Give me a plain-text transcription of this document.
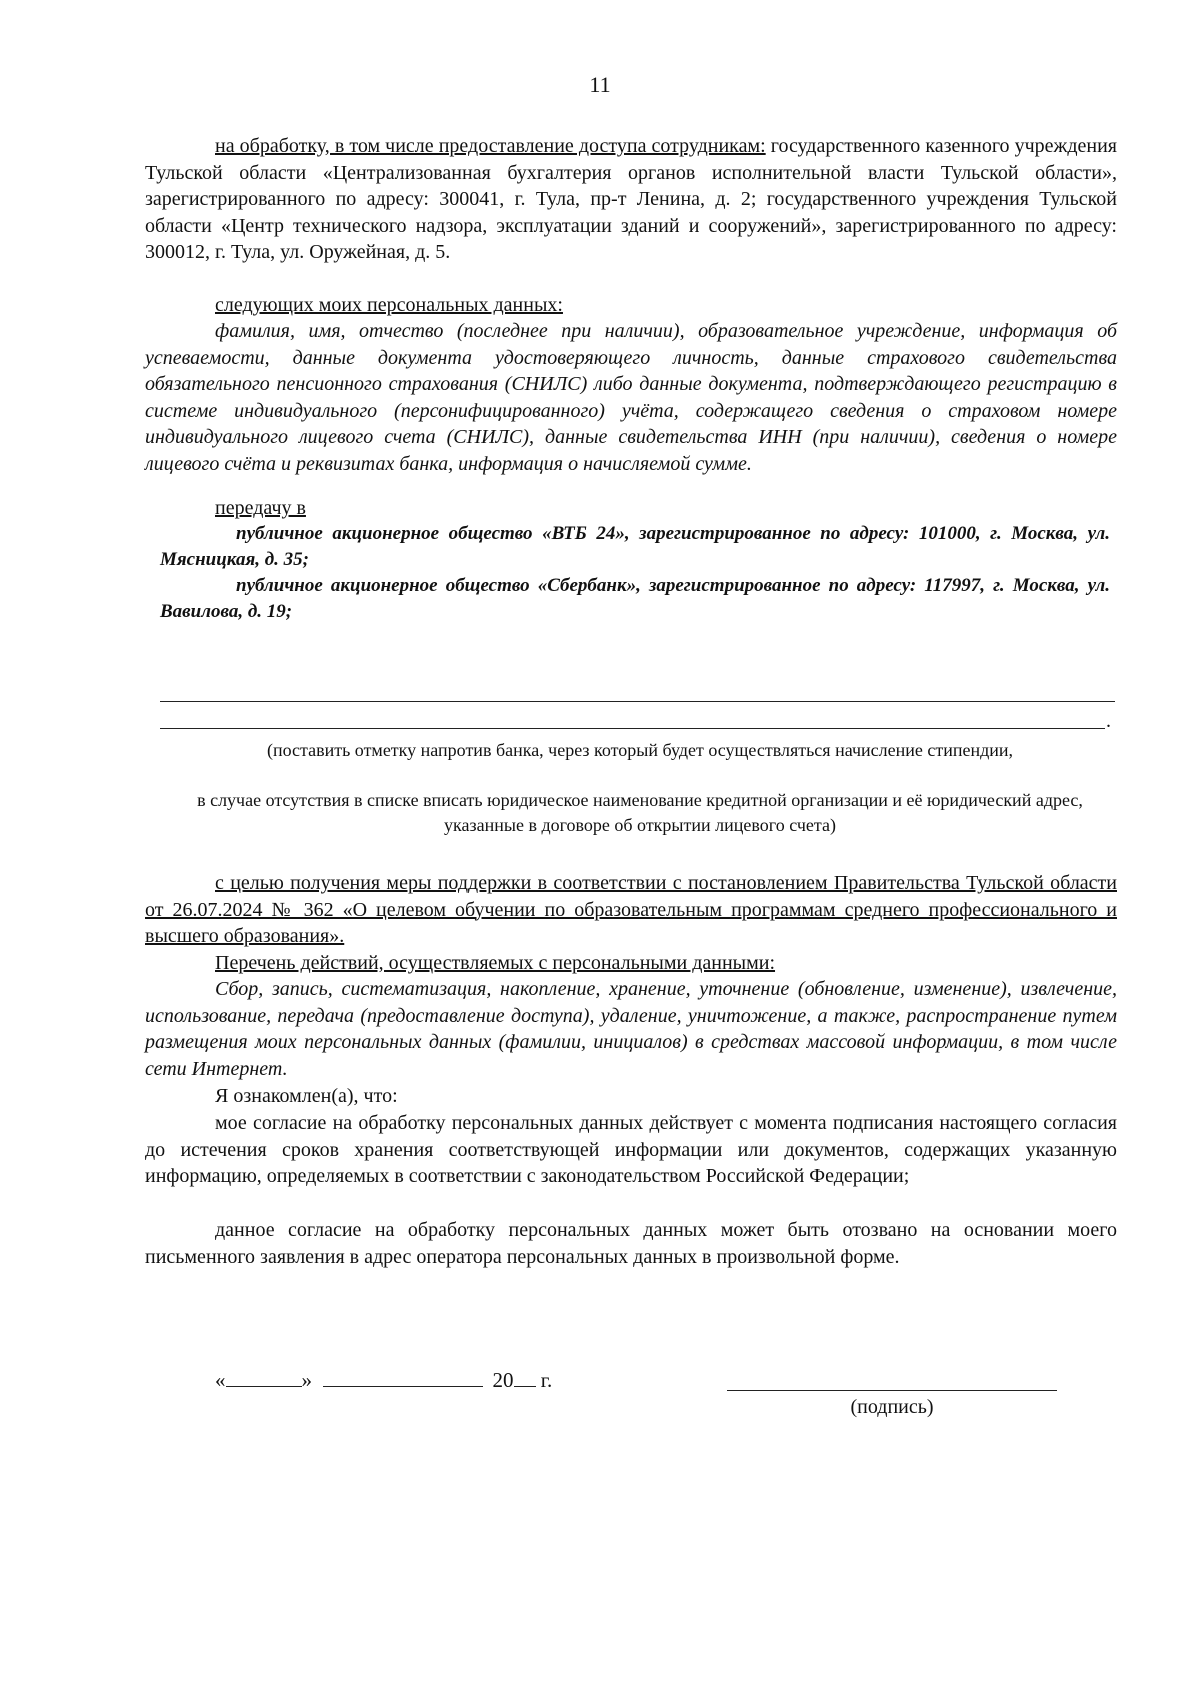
11

на обработку, в том числе предоставление доступа сотрудникам: государственного казенного учреждения Тульской области «Централизованная бухгалтерия органов исполнительной власти Тульской области», зарегистрированного по адресу: 300041, г. Тула, пр-т Ленина, д. 2; государственного учреждения Тульской области «Центр технического надзора, эксплуатации зданий и сооружений», зарегистрированного по адресу: 300012, г. Тула, ул. Оружейная, д. 5.

следующих моих персональных данных:

фамилия, имя, отчество (последнее при наличии), образовательное учреждение, информация об успеваемости, данные документа удостоверяющего личность, данные страхового свидетельства обязательного пенсионного страхования (СНИЛС) либо данные документа, подтверждающего регистрацию в системе индивидуального (персонифицированного) учёта, содержащего сведения о страховом номере индивидуального лицевого счета (СНИЛС), данные свидетельства ИНН (при наличии), сведения о номере лицевого счёта и реквизитах банка, информация о начисляемой сумме.

передачу в

публичное акционерное общество «ВТБ 24», зарегистрированное по адресу: 101000, г. Москва, ул. Мясницкая, д. 35;

публичное акционерное общество «Сбербанк», зарегистрированное по адресу: 117997, г. Москва, ул. Вавилова, д. 19;

.

(поставить отметку напротив банка, через который будет осуществляться начисление стипендии,

в случае отсутствия в списке вписать юридическое наименование кредитной организации и её юридический адрес, указанные в договоре об открытии лицевого счета)

с целью получения меры поддержки в соответствии с постановлением Правительства Тульской области от 26.07.2024 № 362 «О целевом обучении по образовательным программам среднего профессионального и высшего образования».

Перечень действий, осуществляемых с персональными данными:

Сбор, запись, систематизация, накопление, хранение, уточнение (обновление, изменение), извлечение, использование, передача (предоставление доступа), удаление, уничтожение, а также, распространение путем размещения моих персональных данных (фамилии, инициалов) в средствах массовой информации, в том числе сети Интернет.

Я ознакомлен(а), что:

мое согласие на обработку персональных данных действует с момента подписания настоящего согласия до истечения сроков хранения соответствующей информации или документов, содержащих указанную информацию, определяемых в соответствии с законодательством Российской Федерации;

данное согласие на обработку персональных данных может быть отозвано на основании моего письменного заявления в адрес оператора персональных данных в произвольной форме.

«	»	20 г.
(подпись)
